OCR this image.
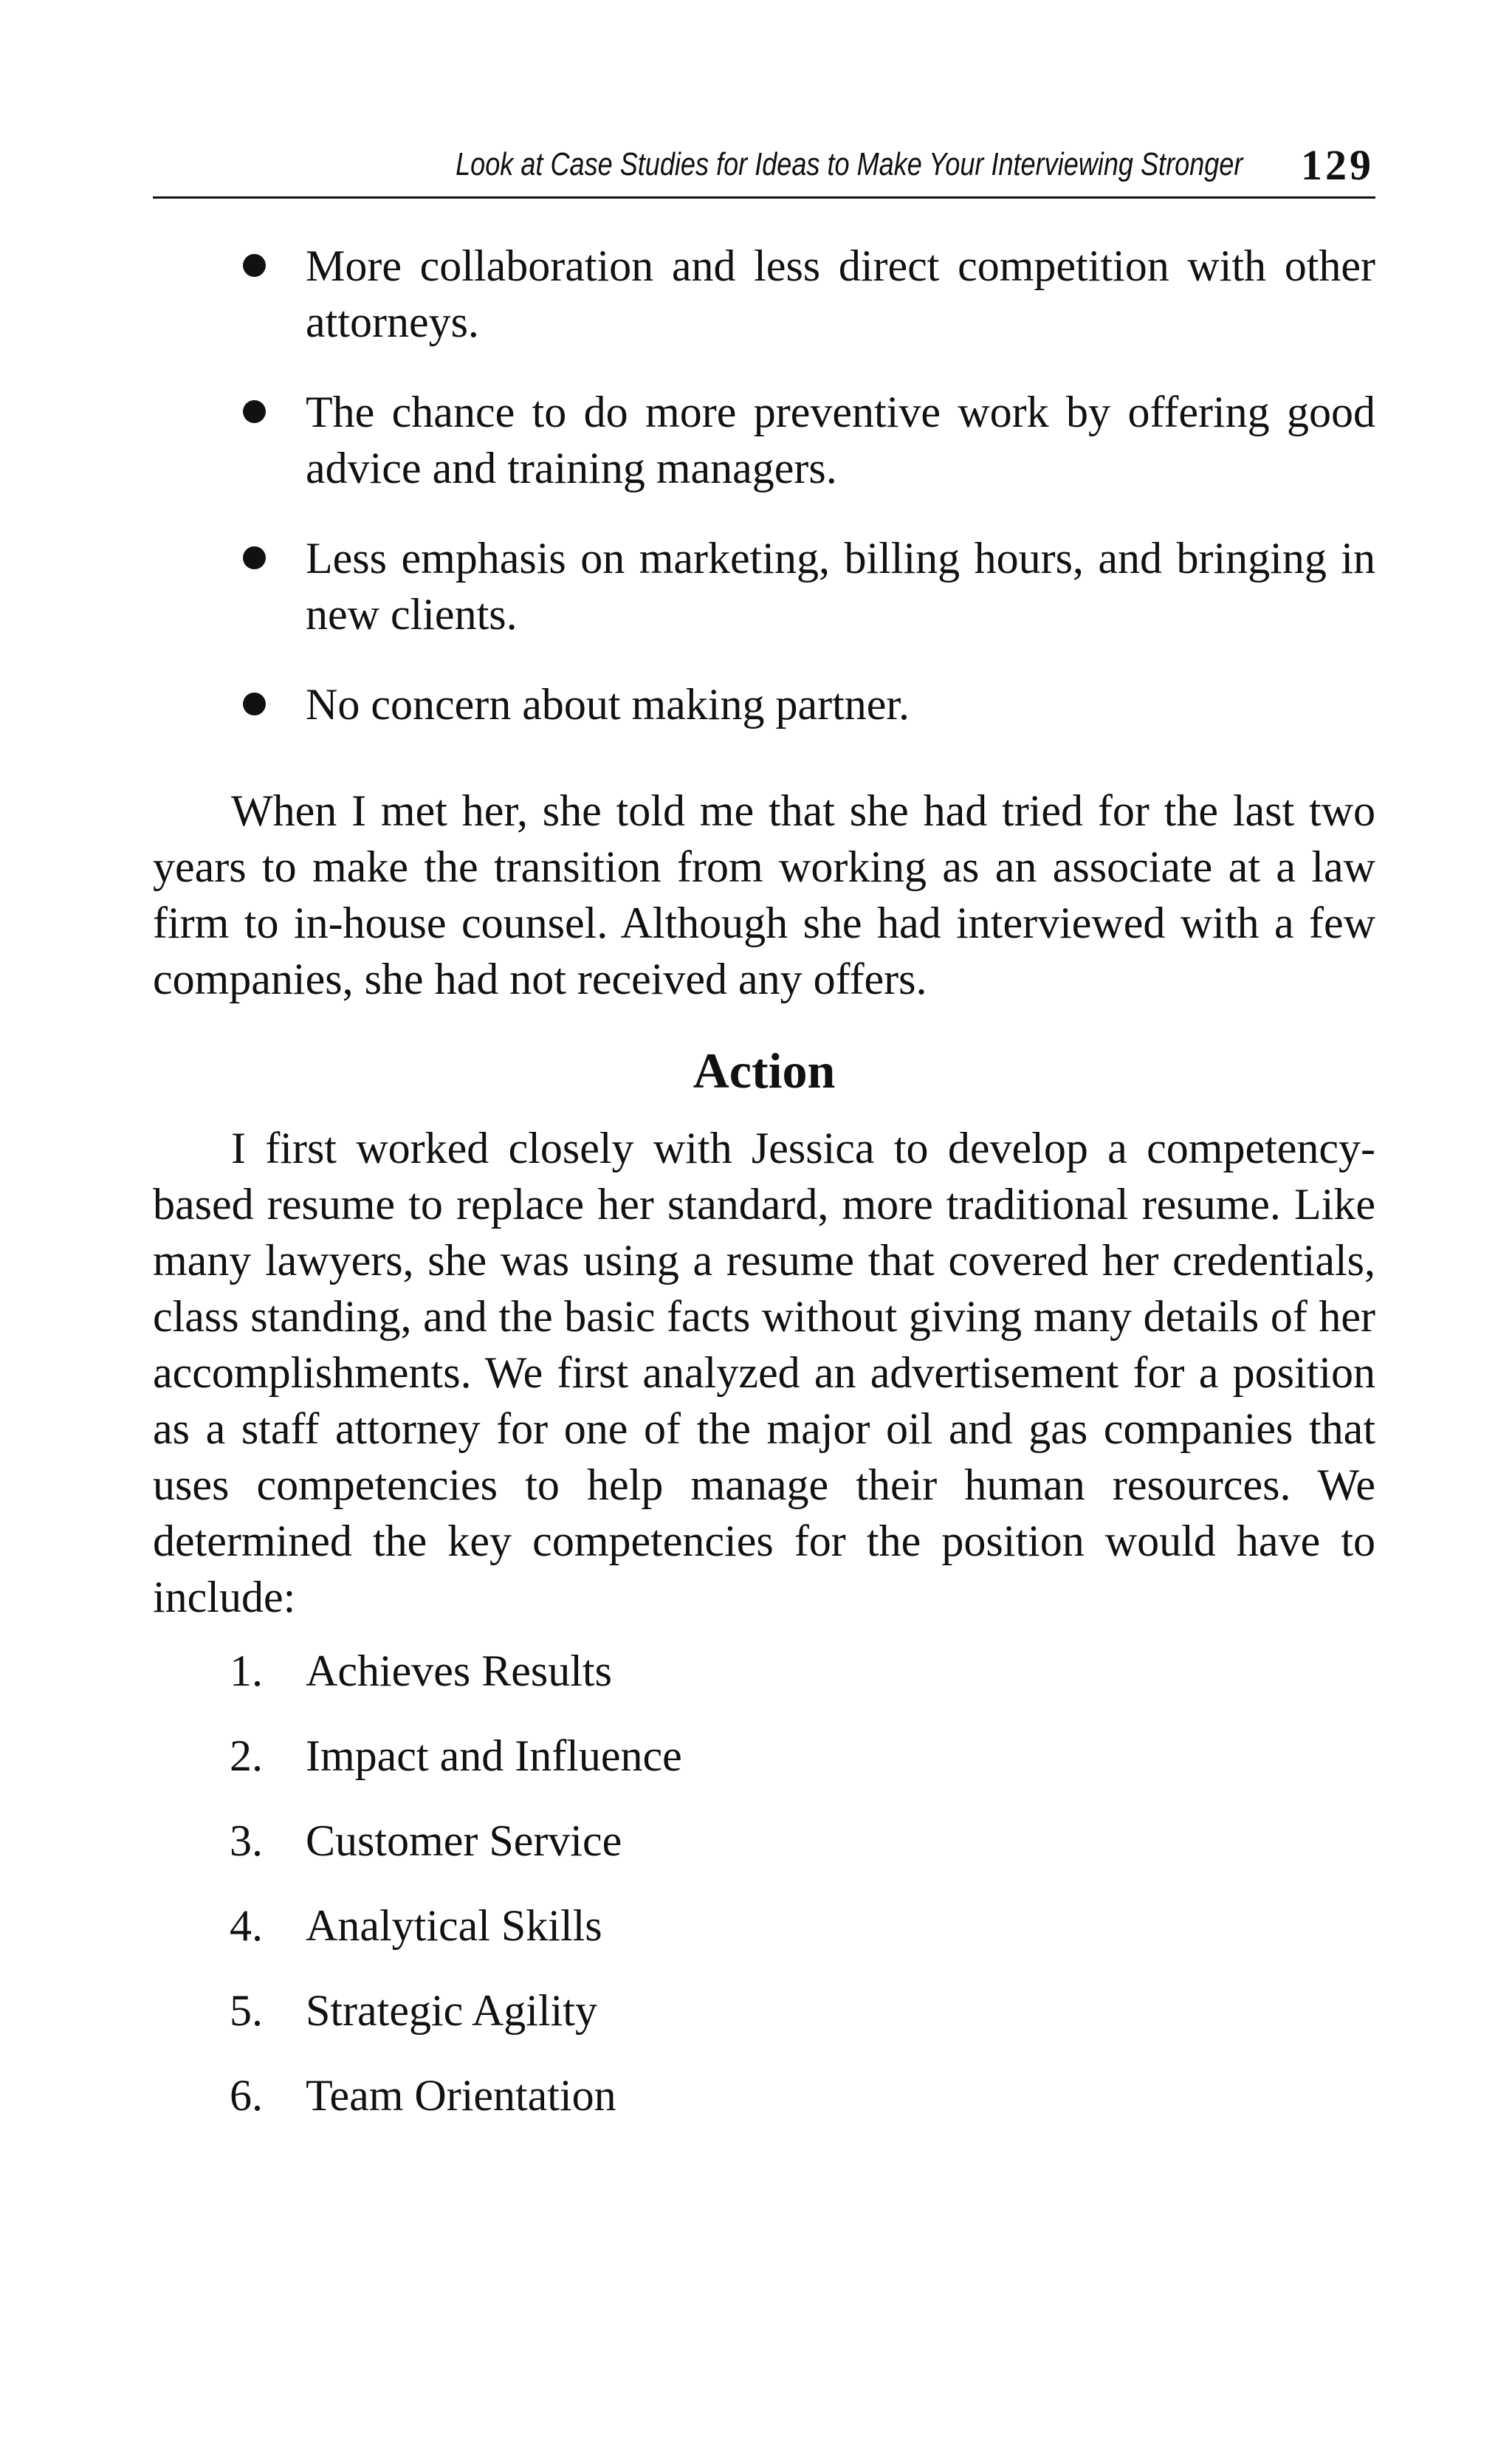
Look at Case Studies for Ideas to Make Your Interviewing Stronger 129
More collaboration and less direct competition with other attorneys.
The chance to do more preventive work by offering good advice and training managers.
Less emphasis on marketing, billing hours, and bringing in new clients.
No concern about making partner.

When I met her, she told me that she had tried for the last two years to make the transition from working as an associate at a law firm to in-house counsel. Although she had interviewed with a few companies, she had not received any offers.

Action

I first worked closely with Jessica to develop a competency-based resume to replace her standard, more traditional resume. Like many lawyers, she was using a resume that covered her credentials, class standing, and the basic facts without giving many details of her accomplishments. We first analyzed an advertisement for a position as a staff attorney for one of the major oil and gas companies that uses competencies to help manage their human resources. We determined the key competencies for the position would have to include:

1. Achieves Results
2. Impact and Influence
3. Customer Service
4. Analytical Skills
5. Strategic Agility
6. Team Orientation
